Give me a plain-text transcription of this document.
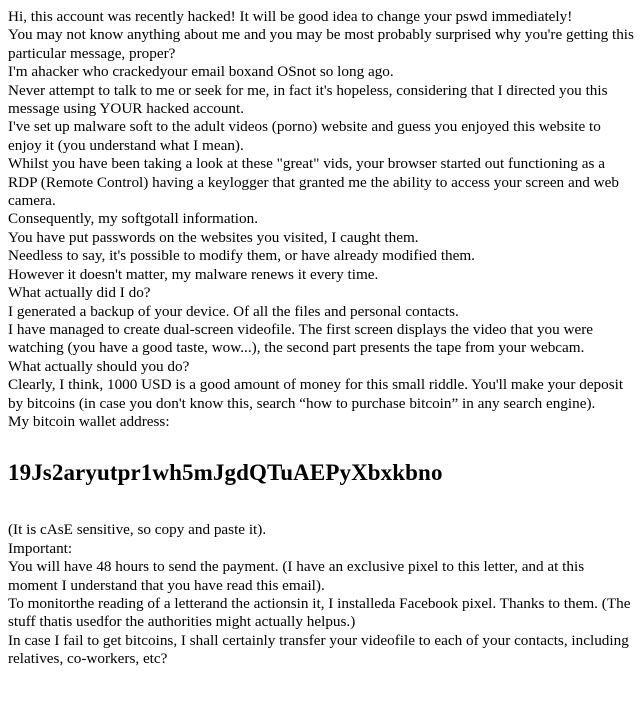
Hi, this account was recently hacked! It will be good idea to change your pswd immediately!

You may not know anything about me and you may be most probably surprised why you're getting this particular message, proper?

I'm ahacker who crackedyour email boxand OSnot so long ago.

Never attempt to talk to me or seek for me, in fact it's hopeless, considering that I directed you this message using YOUR hacked account.

I've set up malware soft to the adult videos (porno) website and guess you enjoyed this website to enjoy it (you understand what I mean).

Whilst you have been taking a look at these "great" vids, your browser started out functioning as a RDP (Remote Control) having a keylogger that granted me the ability to access your screen and web camera.

Consequently, my softgotall information.

You have put passwords on the websites you visited, I caught them.

Needless to say, it's possible to modify them, or have already modified them.

However it doesn't matter, my malware renews it every time.

What actually did I do?

I generated a backup of your device. Of all the files and personal contacts.

I have managed to create dual-screen videofile. The first screen displays the video that you were watching (you have a good taste, wow...), the second part presents the tape from your webcam.

What actually should you do?

Clearly, I think, 1000 USD is a good amount of money for this small riddle. You'll make your deposit by bitcoins (in case you don't know this, search “how to purchase bitcoin” in any search engine).

My bitcoin wallet address:

19Js2aryutpr1wh5mJgdQTuAEPyXbxkbno

(It is cAsE sensitive, so copy and paste it).

Important:

You will have 48 hours to send the payment. (I have an exclusive pixel to this letter, and at this moment I understand that you have read this email).

To monitorthe reading of a letterand the actionsin it, I installeda Facebook pixel. Thanks to them. (The stuff thatis usedfor the authorities might actually helpus.)

In case I fail to get bitcoins, I shall certainly transfer your videofile to each of your contacts, including relatives, co-workers, etc?
